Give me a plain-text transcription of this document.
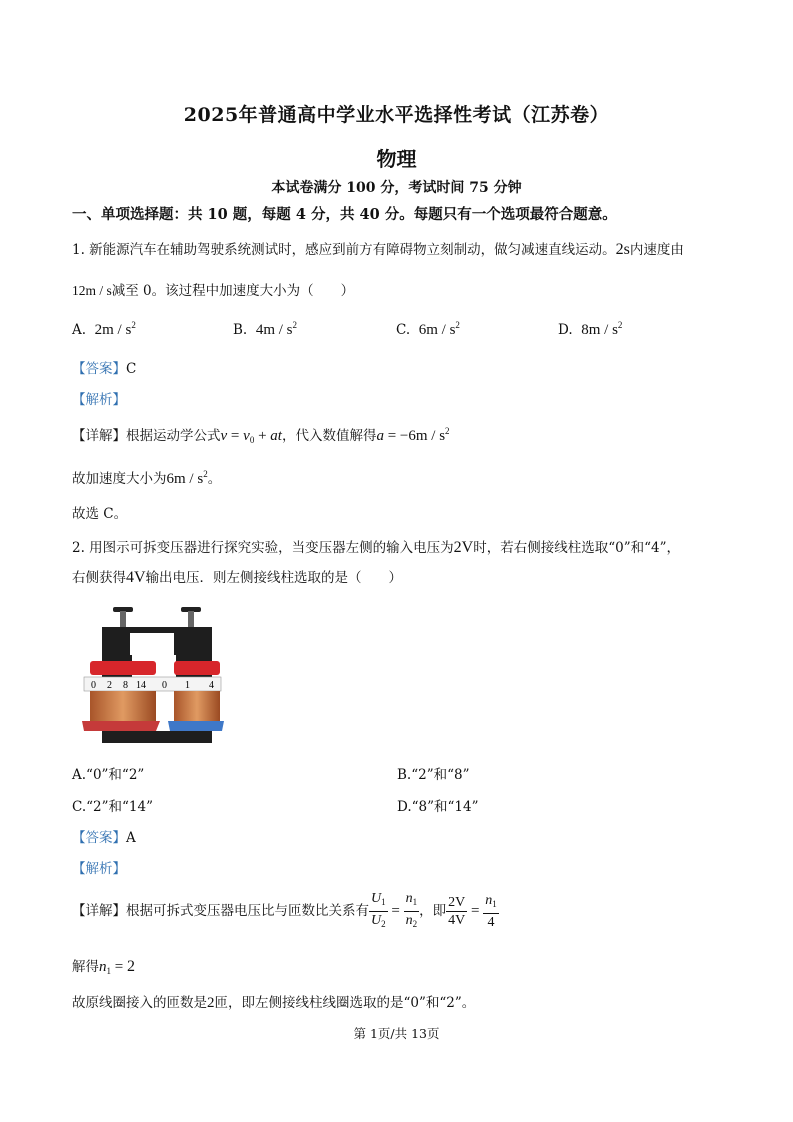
2025年普通高中学业水平选择性考试（江苏卷）
物理
本试卷满分 100 分，考试时间 75 分钟
一、单项选择题：共 10 题，每题 4 分，共 40 分。每题只有一个选项最符合题意。
1. 新能源汽车在辅助驾驶系统测试时，感应到前方有障碍物立刻制动，做匀减速直线运动。2s内速度由
12m / s减至 0。该过程中加速度大小为（　　）
A. $2m / s^2$	B. $4m / s^2$	C. $6m / s^2$	D. $8m / s^2$
【答案】C
【解析】
【详解】根据运动学公式$v = v_0$ + at，代入数值解得$a = -6m / s^2$
故加速度大小为$6m / s^2$。
故选 C。
2. 用图示可拆变压器进行探究实验，当变压器左侧的输入电压为2V时，若右侧接线柱选取“0”和“4”，
右侧获得4V输出电压．则左侧接线柱选取的是（　　）
0 2 8 14 0 1 4
A.“0”和“2”	B.“2”和“8”
C.“2”和“14”	D.“8”和“14”
【答案】A
【解析】
【详解】根据可拆式变压器电压比与匝数比关系有 $\frac{U_1}{U_2} = \frac{n_1}{n_2}$ ，即 $\frac{2V}{4V} = \frac{n_1}{4}$
解得$n_1 = 2$
故原线圈接入的匝数是2匝，即左侧接线柱线圈选取的是“0”和“2”。
第 1页/共 13页
